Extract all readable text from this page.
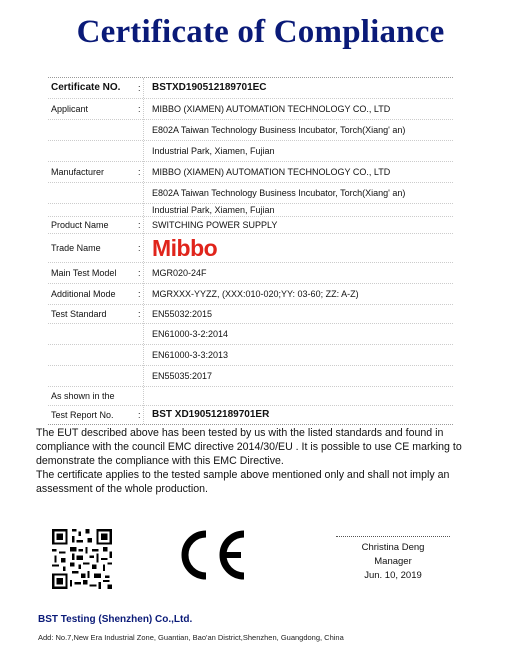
Certificate of Compliance
Certificate NO. : BSTXD190512189701EC
Applicant	: MIBBO (XIAMEN) AUTOMATION TECHNOLOGY CO., LTD
E802A Taiwan Technology Business Incubator, Torch(Xiang' an)
Industrial Park, Xiamen, Fujian
Manufacturer	: MIBBO (XIAMEN) AUTOMATION TECHNOLOGY CO., LTD
E802A Taiwan Technology Business Incubator, Torch(Xiang' an)
Industrial Park, Xiamen, Fujian
Product Name	: SWITCHING POWER SUPPLY
Trade Name	: Mibbo
Main Test Model : MGR020-24F
Additional Mode : MGRXXX-YYZZ, (XXX:010-020;YY: 03-60; ZZ: A-Z)
Test Standard	: EN55032:2015
EN61000-3-2:2014
EN61000-3-3:2013
EN55035:2017
As shown in the
Test Report No.	: BST XD190512189701ER

The EUT described above has been tested by us with the listed standards and found in compliance with the council EMC directive 2014/30/EU . It is possible to use CE marking to demonstrate the compliance with this EMC Directive.

The certificate applies to the tested sample above mentioned only and shall not imply an assessment of the whole production.

Christina Deng
Manager
Jun. 10, 2019
BST Testing (Shenzhen) Co.,Ltd.
Add: No.7,New Era Industrial Zone, Guantian, Bao'an District,Shenzhen, Guangdong, China
